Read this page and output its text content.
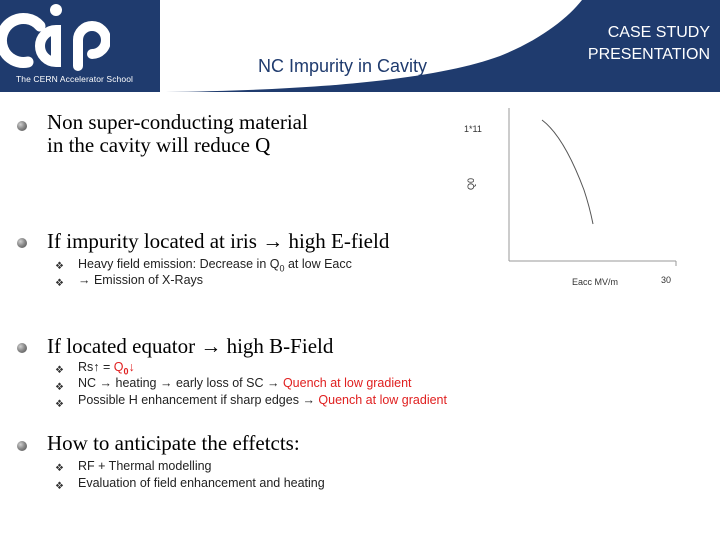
The CERN Accelerator School
NC Impurity in Cavity
CASE STUDY
PRESENTATION
Non super-conducting material
in the cavity will reduce Q
If impurity located at iris → high E-field
❖ Heavy field emission: Decrease in $Q_0$ at low Eacc
❖ → Emission of X-Rays
If located equator → high B-Field
❖ Rs↑ = $Q_0↓$
❖ NC → heating → early loss of SC → Quench at low gradient
❖ Possible H enhancement if sharp edges → Quench at low gradient
How to anticipate the effetcts:
❖ RF + Thermal modelling
❖ Evaluation of field enhancement and heating
1*11
Q0
Eacc MV/m	30
